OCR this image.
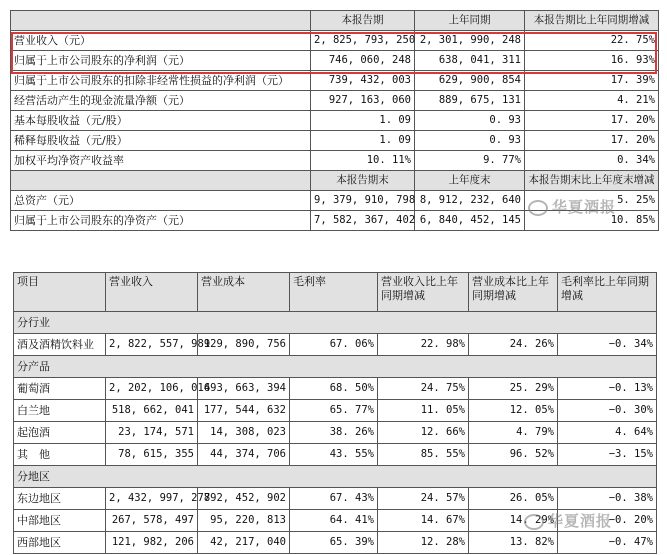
	本报告期	上年同期	本报告期比上年同期增减
营业收入（元）	2, 825, 793, 250	2, 301, 990, 248	22. 75%
归属于上市公司股东的净利润（元）	746, 060, 248	638, 041, 311	16. 93%
归属于上市公司股东的扣除非经常性损益的净利润（元）	739, 432, 003	629, 900, 854	17. 39%
经营活动产生的现金流量净额（元）	927, 163, 060	889, 675, 131	4. 21%
基本每股收益（元/股）	1. 09	0. 93	17. 20%
稀释每股收益（元/股）	1. 09	0. 93	17. 20%
加权平均净资产收益率	10. 11%	9. 77%	0. 34%
	本报告期末	上年度末	本报告期末比上年度末增减
总资产（元）	9, 379, 910, 798	8, 912, 232, 640	5. 25%
归属于上市公司股东的净资产（元）	7, 582, 367, 402	6, 840, 452, 145	10. 85%
项目	营业收入	营业成本	毛利率	营业收入比上年同期增减	营业成本比上年同期增减	毛利率比上年同期增减
分行业						
酒及酒精饮料业	2, 822, 557, 981	929, 890, 756	67. 06%	22. 98%	24. 26%	−0. 34%
分产品						
葡萄酒	2, 202, 106, 014	693, 663, 394	68. 50%	24. 75%	25. 29%	−0. 13%
白兰地	518, 662, 041	177, 544, 632	65. 77%	11. 05%	12. 05%	−0. 30%
起泡酒	23, 174, 571	14, 308, 023	38. 26%	12. 66%	4. 79%	4. 64%
其　他	78, 615, 355	44, 374, 706	43. 55%	85. 55%	96. 52%	−3. 15%
分地区						
东边地区	2, 432, 997, 278	792, 452, 902	67. 43%	24. 57%	26. 05%	−0. 38%
中部地区	267, 578, 497	95, 220, 813	64. 41%	14. 67%	14. 29%	−0. 20%
西部地区	121, 982, 206	42, 217, 040	65. 39%	12. 28%	13. 82%	−0. 47%
华夏酒报
华夏酒报
